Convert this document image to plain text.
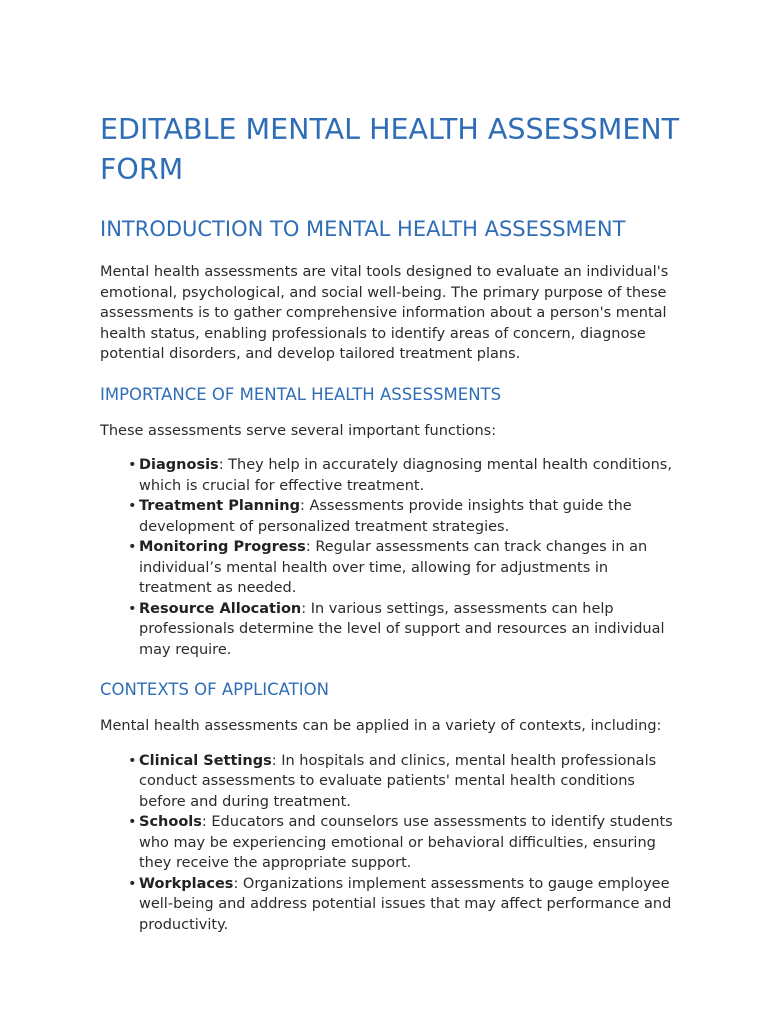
EDITABLE MENTAL HEALTH ASSESSMENT FORM
INTRODUCTION TO MENTAL HEALTH ASSESSMENT

Mental health assessments are vital tools designed to evaluate an individual's emotional, psychological, and social well-being. The primary purpose of these assessments is to gather comprehensive information about a person's mental health status, enabling professionals to identify areas of concern, diagnose potential disorders, and develop tailored treatment plans.

IMPORTANCE OF MENTAL HEALTH ASSESSMENTS

These assessments serve several important functions:

• Diagnosis: They help in accurately diagnosing mental health conditions, which is crucial for effective treatment.
• Treatment Planning: Assessments provide insights that guide the development of personalized treatment strategies.
• Monitoring Progress: Regular assessments can track changes in an individual’s mental health over time, allowing for adjustments in treatment as needed.
• Resource Allocation: In various settings, assessments can help professionals determine the level of support and resources an individual may require.
CONTEXTS OF APPLICATION

Mental health assessments can be applied in a variety of contexts, including:

• Clinical Settings: In hospitals and clinics, mental health professionals conduct assessments to evaluate patients' mental health conditions before and during treatment.
• Schools: Educators and counselors use assessments to identify students who may be experiencing emotional or behavioral difficulties, ensuring they receive the appropriate support.
• Workplaces: Organizations implement assessments to gauge employee well-being and address potential issues that may affect performance and productivity.
